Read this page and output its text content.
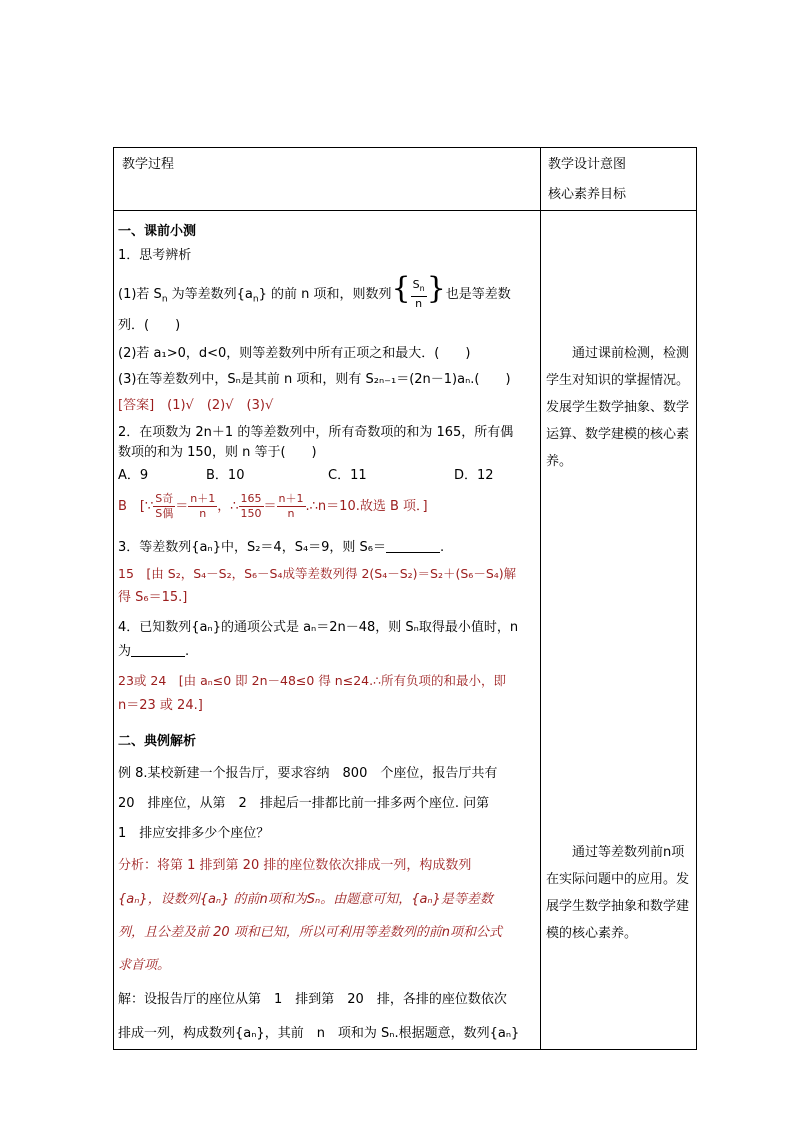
教学过程	教学设计意图
核心素养目标
一、课前小测
1．思考辨析
(1)若 $S_n$ 为等差数列$\{a_n\}$ 的前 n 项和，则数列{ $\frac{S_n}{n}$ }也是等差数
列．(　　)
(2)若 a₁>0，d<0，则等差数列中所有正项之和最大．(　　)
(3)在等差数列中，Sₙ是其前 n 项和，则有 S₂ₙ₋₁＝(2n－1)aₙ.(　　)
[答案]　(1)√　(2)√　(3)√
2．在项数为 2n＋1 的等差数列中，所有奇数项的和为 165，所有偶
数项的和为 150，则 n 等于(　　)
A．9	B．10	C．11	D．12
B　[∵ $\frac{\text{S奇}}{\text{S偶}} = \frac{n+1}{n}$ ，∴ $\frac{165}{150} = \frac{n+1}{n}$ .∴n＝10.故选 B 项．]
3．等差数列{aₙ}中，S₂＝4，S₄＝9，则 S₆＝	.
15　[由 S₂，S₄－S₂，S₆－S₄成等差数列得 2(S₄－S₂)＝S₂＋(S₆－S₄)解
得 S₆＝15.]
4．已知数列{aₙ}的通项公式是 aₙ＝2n－48，则 Sₙ取得最小值时，n
为	.
23或 24　[由 aₙ≤0 即 2n－48≤0 得 n≤24.∴所有负项的和最小，即
n＝23 或 24.]
二、典例解析
例 8.某校新建一个报告厅，要求容纳　800　个座位，报告厅共有
20　排座位，从第　2　排起后一排都比前一排多两个座位. 问第
1　排应安排多少个座位？
分析：将第 1 排到第 20 排的座位数依次排成一列，构成数列
{aₙ}，设数列{aₙ} 的前n项和为Sₙ。由题意可知，{aₙ}是等差数
列，且公差及前 20 项和已知，所以可利用等差数列的前n项和公式
求首项。
解：设报告厅的座位从第　1　排到第　20　排，各排的座位数依次
排成一列，构成数列{aₙ}，其前　n　项和为 Sₙ.根据题意，数列{aₙ}

通过课前检测，检测学生对知识的掌握情况。发展学生数学抽象、数学运算、数学建模的核心素养。

通过等差数列前n项在实际问题中的应用。发展学生数学抽象和数学建模的核心素养。
